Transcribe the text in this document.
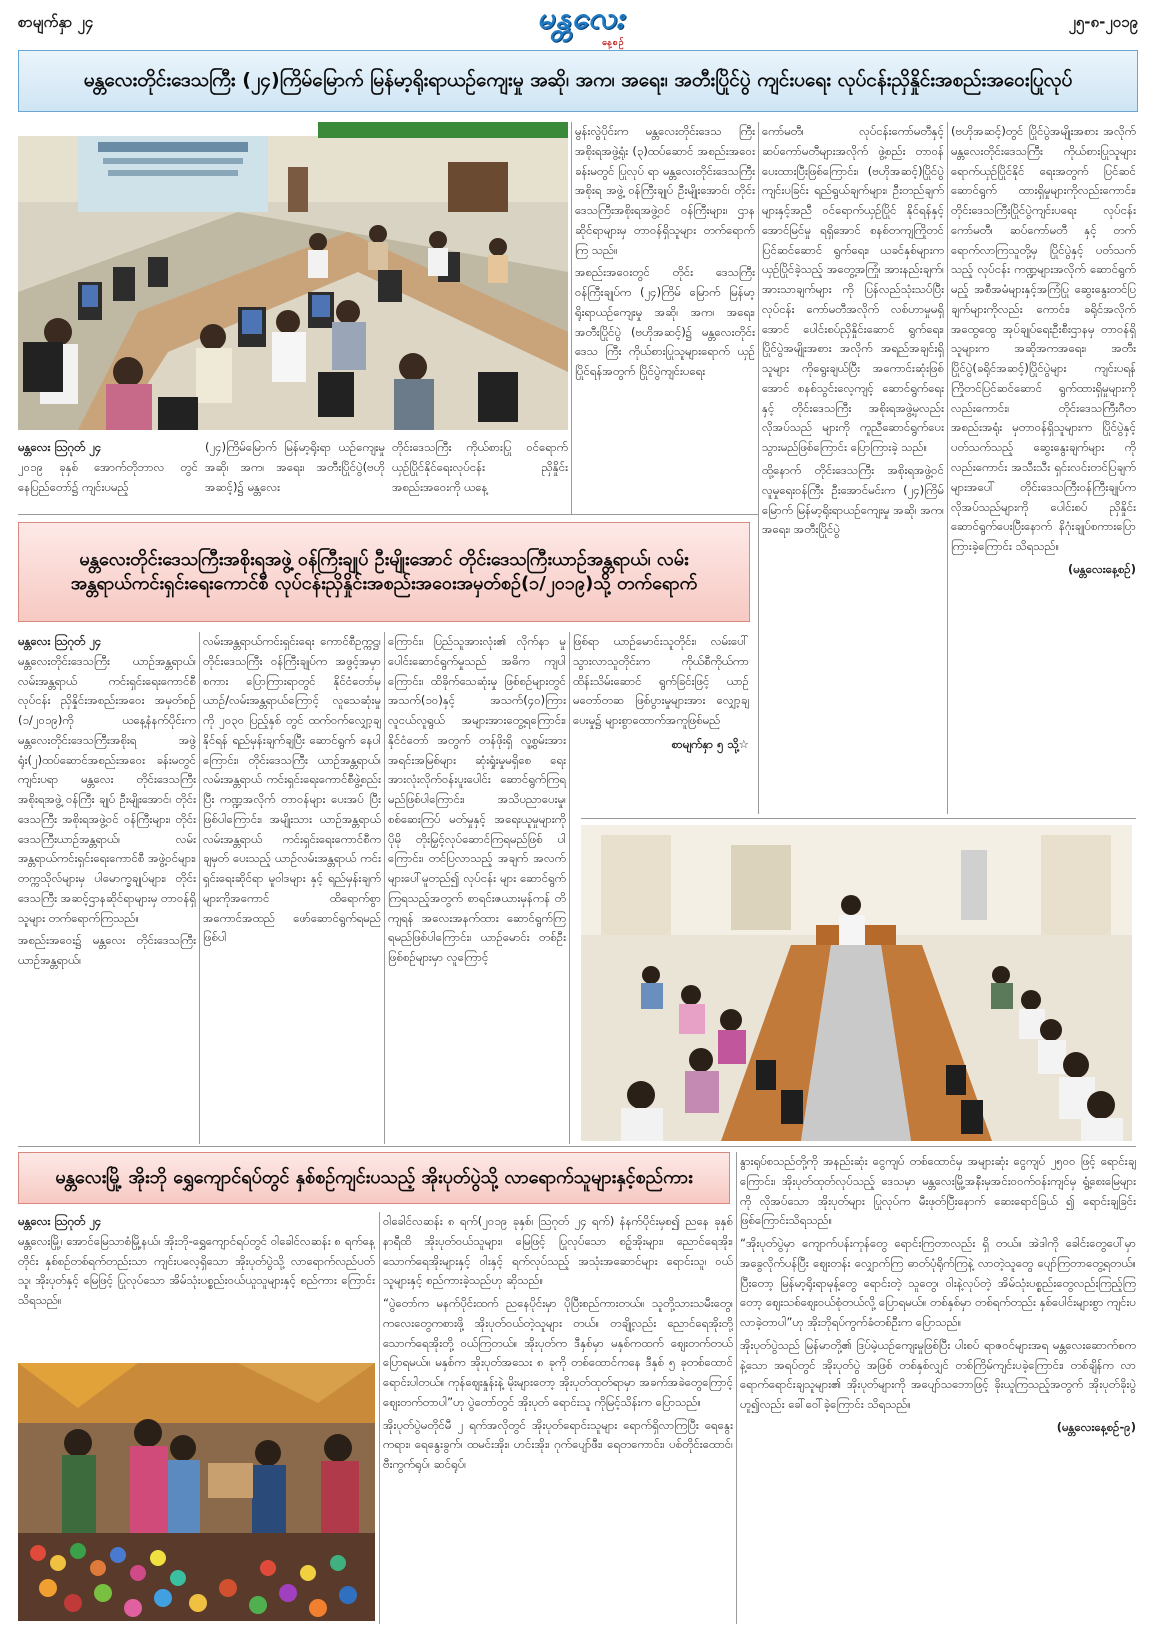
စာမျက်နှာ ၂၄	မန္တလေး
နေ့စဉ်
၂၅-၈-၂၀၁၉
မန္တလေးတိုင်းဒေသကြီး (၂၄)ကြိမ်မြောက် မြန်မာ့ရိုးရာယဉ်ကျေးမှု အဆို၊ အက၊ အရေး၊ အတီးပြိုင်ပွဲ ကျင်းပရေး လုပ်ငန်းညှိနှိုင်းအစည်းအဝေးပြုလုပ်
မန္တလေး ဩဂုတ် ၂၄

၂၀၁၉ ခုနှစ် အောက်တိုဘာလ တွင် နေပြည်တော်၌ ကျင်းပမည့်

(၂၄)ကြိမ်မြောက် မြန်မာ့ရိုးရာ ယဉ်ကျေးမှု အဆို၊ အက၊ အရေး၊ အတီးပြိုင်ပွဲ(ဗဟိုအဆင့်)၌ မန္တလေး

တိုင်းဒေသကြီး ကိုယ်စားပြု ဝင်ရောက်ယှဉ်ပြိုင်နိုင်ရေးလုပ်ငန်း ညှိနှိုင်းအစည်းအဝေးကို ယနေ့

မွန်းလွဲပိုင်းက မန္တလေးတိုင်းဒေသ ကြီးအစိုးရအဖွဲ့ရုံး (၃)ထပ်ဆောင် အစည်းအဝေးခန်းမတွင် ပြုလုပ် ရာ မန္တလေးတိုင်းဒေသကြီးအစိုးရ အဖွဲ့ ဝန်ကြီးချုပ် ဦးမျိုးအောင်၊ တိုင်းဒေသကြီးအစိုးရအဖွဲ့ဝင် ဝန်ကြီးများ၊ ဌာနဆိုင်ရာများမှ တာဝန်ရှိသူများ တက်ရောက်ကြ သည်။

အစည်းအဝေးတွင် တိုင်း ဒေသကြီး ဝန်ကြီးချုပ်က (၂၄)ကြိမ် မြောက် မြန်မာ့ရိုးရာယဉ်ကျေးမှု အဆို၊ အက၊ အရေး၊ အတီးပြိုင်ပွဲ (ဗဟိုအဆင့်)၌ မန္တလေးတိုင်းဒေသ ကြီး ကိုယ်စားပြုသူများရောက် ယှဉ် ပြိုင်ရန်အတွက် ပြိုင်ပွဲကျင်းပရေး

ကော်မတီ၊ လုပ်ငန်းကော်မတီနှင့် ဆပ်ကော်မတီများအလိုက် ဖွဲ့စည်း တာဝန်ပေးထားပြီးဖြစ်ကြောင်း၊ (ဗဟိုအဆင့်)ပြိုင်ပွဲ ကျင်းပခြင်း ရည်ရွယ်ချက်များ၊ ဦးတည်ချက် များနှင့်အညီ ဝင်ရောက်ယှဉ်ပြိုင် နိုင်ရန်နှင့်အောင်မြင်မှု ရရှိအောင် စနစ်တကျကြိုတင်ပြင်ဆင်ဆောင် ရွက်ရေး၊ ယခင်နှစ်များက ယှဉ်ပြိုင်ခဲ့သည့် အတွေ့အကြုံ၊ အားနည်းချက်၊ အားသာချက်များ ကို ပြန်လည်သုံးသပ်ပြီးလုပ်ငန်း ကော်မတီအလိုက် လစ်ဟာမှုမရှိ အောင် ပေါင်းစပ်ညှိနှိုင်းဆောင် ရွက်ရေး၊ ပြိုင်ပွဲအမျိုးအစား အလိုက် အရည်အချင်းရှိသူများ ကိုရွေးချယ်ပြီး အကောင်းဆုံးဖြစ် အောင် စနစ်သွင်းလေ့ကျင့် ဆောင်ရွက်ရေးနှင့် တိုင်းဒေသကြီး အစိုးရအဖွဲ့မှလည်းလိုအပ်သည် များကို ကူညီဆောင်ရွက်ပေး သွားမည်ဖြစ်ကြောင်း ပြောကြားခဲ့ သည်။

ထို့နောက် တိုင်းဒေသကြီး အစိုးရအဖွဲ့ဝင် လူမှုရေးဝန်ကြီး ဦးအောင်မင်းက (၂၄)ကြိမ်မြောက် မြန်မာ့ရိုးရာယဉ်ကျေးမှု အဆို၊ အက၊ အရေး၊ အတီးပြိုင်ပွဲ

(ဗဟိုအဆင့်)တွင် ပြိုင်ပွဲအမျိုးအစား အလိုက် မန္တလေးတိုင်းဒေသကြီး ကိုယ်စားပြုသူများရောက်ယှဉ်ပြိုင်နိုင် ရေးအတွက် ပြင်ဆင်ဆောင်ရွက် ထားရှိမှုများကိုလည်းကောင်း၊ တိုင်းဒေသကြီးပြိုင်ပွဲကျင်းပရေး လုပ်ငန်းကော်မတီ၊ ဆပ်ကော်မတီ နှင့် တက်ရောက်လာကြသူတို့မှ ပြိုင်ပွဲနှင့် ပတ်သက်သည့် လုပ်ငန်း ကဏ္ဍများအလိုက် ဆောင်ရွက် မည့် အစီအမံများနှင့်အကြံပြု ဆွေးနွေးတင်ပြချက်များကိုလည်း ကောင်း၊ ခရိုင်အလိုက်အထွေထွေ အုပ်ချုပ်ရေးဦးစီးဌာနမှ တာဝန်ရှိ သူများက အဆိုအကအရေး၊ အတီးပြိုင်ပွဲ(ခရိုင်အဆင့်)ပြိုင်ပွဲများ ကျင်းပရန် ကြိုတင်ပြင်ဆင်ဆောင် ရွက်ထားရှိမှုများကိုလည်းကောင်း၊ တိုင်းဒေသကြီးဂီတအစည်းအရုံး မှတာဝန်ရှိသူများက ပြိုင်ပွဲနှင့် ပတ်သက်သည့် ဆွေးနွေးချက်များ ကိုလည်းကောင်း အသီးသီး ရှင်းလင်းတင်ပြချက်များအပေါ် တိုင်းဒေသကြီးဝန်ကြီးချုပ်က လိုအပ်သည်များကို ပေါင်းစပ် ညှိနှိုင်းဆောင်ရွက်ပေးပြီးနောက် နိဂုံးချုပ်စကားပြောကြားခဲ့ကြောင်း သိရသည်။

(မန္တလေးနေ့စဉ်)
မန္တလေးတိုင်းဒေသကြီးအစိုးရအဖွဲ့ ဝန်ကြီးချုပ် ဦးမျိုးအောင် တိုင်းဒေသကြီးယာဉ်အန္တရာယ်၊ လမ်းအန္တရာယ်ကင်းရှင်းရေးကောင်စီ လုပ်ငန်းညှိနှိုင်းအစည်းအဝေးအမှတ်စဉ်(၁/၂၀၁၉)သို့ တက်ရောက်
မန္တလေး ဩဂုတ် ၂၄

မန္တလေးတိုင်းဒေသကြီး ယာဉ်အန္တရာယ်၊ လမ်းအန္တရာယ် ကင်းရှင်းရေးကောင်စီ လုပ်ငန်း ညှိနှိုင်းအစည်းအဝေး အမှတ်စဉ် (၁/၂၀၁၉)ကို ယနေ့နံနက်ပိုင်းက မန္တလေးတိုင်းဒေသကြီးအစိုးရ အဖွဲ့ရုံး(၂)ထပ်ဆောင်အစည်းအဝေး ခန်းမတွင် ကျင်းပရာ မန္တလေး တိုင်းဒေသကြီးအစိုးရအဖွဲ့ ဝန်ကြီး ချုပ် ဦးမျိုးအောင်၊ တိုင်းဒေသကြီး အစိုးရအဖွဲ့ဝင် ဝန်ကြီးများ၊ တိုင်း ဒေသကြီးယာဉ်အန္တရာယ်၊ လမ်း အန္တရာယ်ကင်းရှင်းရေးကောင်စီ အဖွဲ့ဝင်များ၊ တက္ကသိုလ်များမှ ပါမောက္ခချုပ်များ၊ တိုင်းဒေသကြီး အဆင့်ဌာနဆိုင်ရာများမှ တာဝန်ရှိ သူများ တက်ရောက်ကြသည်။

အစည်းအဝေး၌ မန္တလေး တိုင်းဒေသကြီး ယာဉ်အန္တရာယ်၊

လမ်းအန္တရာယ်ကင်းရှင်းရေး ကောင်စီဥက္ကဋ္ဌ၊ တိုင်းဒေသကြီး ဝန်ကြီးချုပ်က အဖွင့်အမှာစကား ပြောကြားရာတွင် နိုင်ငံတော်မှ ယာဉ်/လမ်းအန္တရာယ်ကြောင့် လူသေဆုံးမှုကို ၂၀၃၀ ပြည့်နှစ် တွင် ထက်ဝက်လျှော့ချနိုင်ရန် ရည်မှန်းချက်ချပြီး ဆောင်ရွက် နေပါကြောင်း၊ တိုင်းဒေသကြီး ယာဉ်အန္တရာယ်၊ လမ်းအန္တရာယ် ကင်းရှင်းရေးကောင်စီဖွဲ့စည်းပြီး ကဏ္ဍအလိုက် တာဝန်များ ပေးအပ် ပြီးဖြစ်ပါကြောင်း၊ အမျိုးသား ယာဉ်အန္တရာယ် လမ်းအန္တရာယ် ကင်းရှင်းရေးကောင်စီက ချမှတ် ပေးသည့် ယာဉ်လမ်းအန္တရာယ် ကင်း ရှင်းရေးဆိုင်ရာ မူဝါဒများ နှင့် ရည်မှန်းချက်များကိုအကောင် ထိရောက်စွာ အကောင်အထည် ဖော်ဆောင်ရွက်ရမည်ဖြစ်ပါ

ကြောင်း၊ ပြည်သူအားလုံး၏ လိုက်နာ မှုပေါင်းဆောင်ရွက်မှုသည် အဓိက ကျပါကြောင်း၊ ထိခိုက်သေဆုံးမှု ဖြစ်စဉ်များတွင် အသက်(၁၀)နှင့် အသက်(၄၀)ကြား လူငယ်လူရွယ် အများအားတွေ့ရကြောင်း၊ နိုင်ငံတော် အတွက် တန်ဖိုးရှိ လူ့စွမ်းအား အရင်းအမြစ်များ ဆုံးရှုံးမှုမရှိစေ ရေး အားလုံးလိုက်ဝန်းပူးပေါင်း ဆောင်ရွက်ကြရမည်ဖြစ်ပါကြောင်း၊ အသိပညာပေးမှု၊ စစ်ဆေးကြပ် မတ်မှုနှင့် အရေးယူမှုများကို ပိုမို တိုးမြှင့်လုပ်ဆောင်ကြရမည်ဖြစ် ပါကြောင်း၊ တင်ပြလာသည့် အချက် အလက်များပေါ်မူတည်၍ လုပ်ငန်း များ ဆောင်ရွက်ကြရသည့်အတွက် စာရင်းဇယားမှန်ကန် တိကျရန် အလေးအနက်ထား ဆောင်ရွက်ကြ ရမည်ဖြစ်ပါကြောင်း၊ ယာဉ်မောင်း တစ်ဦးဖြစ်စဉ်များမှာ လူကြောင့်

ဖြစ်ရာ ယာဉ်မောင်းသူတိုင်း၊ လမ်းပေါ်သွားလာသူတိုင်းက ကိုယ်စီကိုယ်ကာ ထိန်းသိမ်းဆောင် ရွက်ခြင်းဖြင့် ယာဉ်မတော်တဆ ဖြစ်ပွားမှုများအား လျှော့ချပေးမှု၌ များစွာထောက်အကူဖြစ်မည်

စာမျက်နှာ ၅ သို့☆
မန္တလေးမြို့ အိုးဘို ရွှေကျောင်ရပ်တွင် နှစ်စဉ်ကျင်းပသည့် အိုးပုတ်ပွဲသို့ လာရောက်သူများနှင့်စည်ကား
မန္တလေး ဩဂုတ် ၂၄

မန္တလေးမြို့၊ အောင်မြေသာစံမြို့နယ်၊ အိုးဘို-ရွှေကျောင်ရပ်တွင် ဝါခေါင်လဆန်း ၈ ရက်နေ့တိုင်း နှစ်စဉ်တစ်ရက်တည်းသာ ကျင်းပလေ့ရှိသော အိုးပုတ်ပွဲသို့ လာရောက်လည်ပတ်သူ၊ အိုးပုတ်နှင့် မြေဖြင့် ပြုလုပ်သော အိမ်သုံးပစ္စည်းဝယ်ယူသူများနှင့် စည်ကား ကြောင်း သိရသည်။

ဝါခေါင်လဆန်း ၈ ရက်(၂၀၁၉ ခုနှစ်၊ ဩဂုတ် ၂၄ ရက်) နံနက်ပိုင်းမှစ၍ ညနေ ခုနှစ်နာရီထိ အိုးပုတ်ဝယ်သူများ၊ မြေဖြင့် ပြုလုပ်သော စဉ့်အိုးများ၊ ညောင်ရေအိုး၊ သောက်ရေအိုးများနှင့် ဝါးနှင့် ရက်လုပ်သည့် အသုံးအဆောင်များ ရောင်းသူ၊ ဝယ်သူများနှင့် စည်ကားခဲ့သည်ဟု ဆိုသည်။

“ပွဲတော်က မနက်ပိုင်းထက် ညနေပိုင်းမှာ ပိုပြီးစည်ကားတယ်။ သူတို့သားသမီးတွေ၊ ကလေးတွေကစားဖို့ အိုးပုတ်ဝယ်တဲ့သူများ တယ်။ တချို့လည်း ညောင်ရေအိုးတို့ သောက်ရေအိုးတို့ ဝယ်ကြတယ်။ အိုးပုတ်က ဒီနှစ်မှာ မနှစ်ကထက် ဈေးတက်တယ်ပြောရမယ်။ မနှစ်က အိုးပုတ်အသေး ၈ ခုကို တစ်ထောင်ကနေ ဒီနှစ် ၅ ခုတစ်ထောင် ရောင်းပါတယ်။ ကုန်ဈေးနှုန်းနဲ့ မိုးများတော့ အိုးပုတ်ထုတ်ရာမှာ အခက်အခဲတွေကြောင့် ဈေးတက်တာပါ”ဟု ပွဲတော်တွင် အိုးပုတ် ရောင်းသူ ကိုမြင့်သိန်းက ပြောသည်။

အိုးပုတ်ပွဲမတိုင်မီ ၂ ရက်အလိုတွင် အိုးပုတ်ရောင်းသူများ ရောက်ရှိလာကြပြီး ရေနွေးကရား၊ ရေနွေးခွက်၊ ထမင်းအိုး၊ ဟင်းအိုး၊ ဂုက်ပျော်ဖီး၊ ရေတကောင်း၊ ပစ်တိုင်းထောင်၊ ဗီးကွက်ရုပ်၊ ဆင်ရုပ်၊

နွားရုပ်စသည်တို့ကို အနည်းဆုံး ငွေကျပ် တစ်ထောင်မှ အများဆုံး ငွေကျပ် ၂၅၀၀ ဖြင့် ရောင်းချကြောင်း၊ အိုးပုတ်ထုတ်လုပ်သည့် ဒေသမှာ မန္တလေးမြို့အနီးမှအင်းဝဝက်ဝန်းကျင်မှ ရွံ့စေးမြေများကို လိုအပ်သော အိုးပုတ်များ ပြုလုပ်က မီးဖုတ်ပြီးနောက် ဆေးရောင်ခြယ် ၍ ရောင်းချခြင်းဖြစ်ကြောင်းသိရသည်။

“အိုးပုတ်ပွဲမှာ ကျောက်ပန်းကုန်တွေ ရောင်းကြတာလည်း ရှိ တယ်။ အဲဒါကို ခေါင်းတွေပေါ်မှာ အခွေလိုက်ပန်ပြီး ဈေးတန်း လျှောက်ကြ ဓာတ်ပုံရိုက်ကြနဲ့ လာတဲ့သူတွေ ပျော်ကြတာတွေ့ရတယ်။ ပြီးတော့ မြန်မာ့ရိုးရာမုန့်တွေ ရောင်းတဲ့ သူတွေ၊ ဝါးနဲ့လုပ်တဲ့ အိမ်သုံးပစ္စည်းတွေလည်းကြည့်ကြတော့ ဈေးသစ်ဈေးဝယ်စုံတယ်လို့ ပြောရမယ်။ တစ်နှစ်မှာ တစ်ရက်တည်း နှစ်ပေါင်းများစွာ ကျင်းပ လာခဲ့တာပါ”ဟု အိုးဘိုရပ်ကွက်ခံတစ်ဦးက ပြောသည်။

အိုးပုတ်ပွဲသည် မြန်မာတို့၏ ဒြပ်မဲ့ယဉ်ကျေးမှုဖြစ်ပြီး ပါးစပ် ရာဇဝင်များအရ မန္တလေးဆောက်စကနဲ့သော အရပ်တွင် အိုးပုတ်ပွဲ အဖြစ် တစ်နှစ်လျှင် တစ်ကြိမ်ကျင်းပခဲ့ကြောင်း၊ တစ်ချိန်က လာရောက်ရောင်းချသူများ၏ အိုးပုတ်များကို အပျော်သဘောဖြင့် ခိုးယူကြသည့်အတွက် အိုးပုတ်ခိုးပွဲဟူ၍လည်း ခေါ်ဝေါ်ခဲ့ကြောင်း သိရသည်။

(မန္တလေးနေ့စဉ်-၉)
